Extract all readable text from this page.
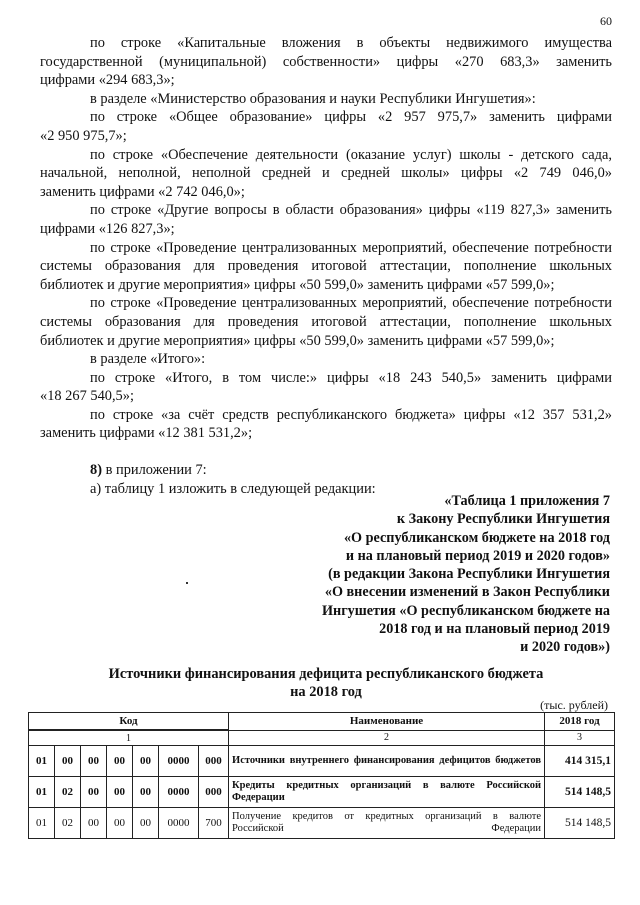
60

по строке «Капитальные вложения в объекты недвижимого имущества

государственной (муниципальной) собственности» цифры «270 683,3» заменить

цифрами «294 683,3»;

в разделе «Министерство образования и науки Республики Ингушетия»:

по строке «Общее образование» цифры «2 957 975,7» заменить цифрами

«2 950 975,7»;

по строке «Обеспечение деятельности (оказание услуг) школы - детского сада,

начальной, неполной, неполной средней и средней школы» цифры «2 749 046,0»

заменить цифрами «2 742 046,0»;

по строке «Другие вопросы в области образования» цифры «119 827,3» заменить

цифрами «126 827,3»;

по строке «Проведение централизованных мероприятий, обеспечение потребности

системы образования для проведения итоговой аттестации, пополнение школьных

библиотек и другие мероприятия» цифры «50 599,0» заменить цифрами «57 599,0»;

по строке «Проведение централизованных мероприятий, обеспечение потребности

системы образования для проведения итоговой аттестации, пополнение школьных

библиотек и другие мероприятия» цифры «50 599,0» заменить цифрами «57 599,0»;

в разделе «Итого»:

по строке «Итого, в том числе:» цифры «18 243 540,5» заменить цифрами

«18 267 540,5»;

по строке «за счёт средств республиканского бюджета» цифры «12 357 531,2»

заменить цифрами «12 381 531,2»;

8) в приложении 7:

а) таблицу 1 изложить в следующей редакции:

«Таблица 1 приложения 7
к Закону Республики Ингушетия
«О республиканском бюджете на 2018 год
и на плановый период 2019 и 2020 годов»
(в редакции Закона Республики Ингушетия
«О внесении изменений в Закон Республики
Ингушетия «О республиканском бюджете на
2018 год и на плановый период 2019
и 2020 годов»)
Источники финансирования дефицита республиканского бюджета
на 2018 год
(тыс. рублей)
Код							Наименование	2018 год
1							2	3
01	00	00	00	00	0000	000	Источники внутреннего финансирования дефицитов бюджетов	414 315,1
01	02	00	00	00	0000	000	Кредиты кредитных организаций в валюте Российской Федерации	514 148,5
01	02	00	00	00	0000	700	Получение кредитов от кредитных организаций в валюте Российской Федерации	514 148,5
